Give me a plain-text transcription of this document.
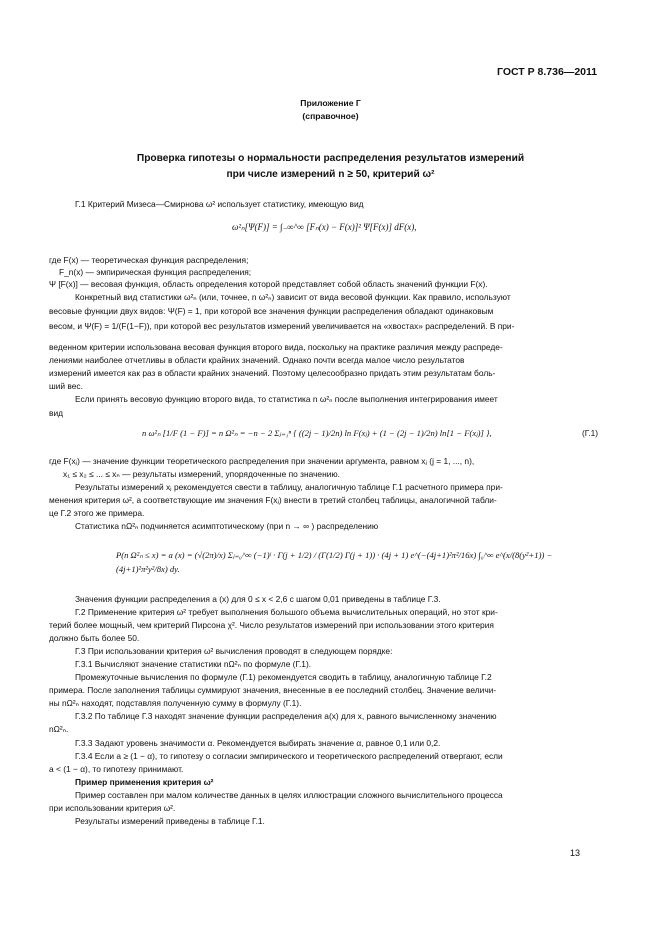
ГОСТ Р 8.736—2011
Приложение Г
(справочное)
Проверка гипотезы о нормальности распределения результатов измерений
при числе измерений n ≥ 50, критерий ω²
Г.1 Критерий Мизеса—Смирнова ω² использует статистику, имеющую вид
ω²ₙ[Ψ(F)] = ∫₋∞^∞ [Fₙ(x) − F(x)]² Ψ[F(x)] dF(x),
где F(x) — теоретическая функция распределения;
F_n(x) — эмпирическая функция распределения;
Ψ [F(x)] — весовая функция, область определения которой представляет собой область значений функции F(x).
Конкретный вид статистики ω²ₙ (или, точнее, n ω²ₙ) зависит от вида весовой функции. Как правило, используют
весовые функции двух видов: Ψ(F) = 1, при которой все значения функции распределения обладают одинаковым
весом, и Ψ(F) = 1/(F(1−F)), при которой вес результатов измерений увеличивается на «хвостах» распределений. В при-
веденном критерии использована весовая функция второго вида, поскольку на практике различия между распреде-
лениями наиболее отчетливы в области крайних значений. Однако почти всегда малое число результатов
измерений имеется как раз в области крайних значений. Поэтому целесообразно придать этим результатам боль-
ший вес.
Если принять весовую функцию второго вида, то статистика n ω²ₙ после выполнения интегрирования имеет
вид
n ω²ₙ [1/F (1 − F)] = n Ω²ₙ = −n − 2 Σⱼ₌₁ⁿ { ((2j − 1)/2n) ln F(xⱼ) + (1 − (2j − 1)/2n) ln[1 − F(xⱼ)] },	(Г.1)
где F(xⱼ) — значение функции теоретического распределения при значении аргумента, равном xⱼ (j = 1, ..., n),
x₁ ≤ x₂ ≤ ... ≤ xₙ — результаты измерений, упорядоченные по значению.
Результаты измерений xⱼ рекомендуется свести в таблицу, аналогичную таблице Г.1 расчетного примера при-
менения критерия ω², а соответствующие им значения F(xⱼ) внести в третий столбец таблицы, аналогичной табли-
це Г.2 этого же примера.
Статистика nΩ²ₙ подчиняется асимптотическому (при n → ∞ ) распределению
P(n Ω²ₙ ≤ x) = a (x) = (√(2π)/x) Σⱼ₌₀^∞ (−1)ʲ · Γ(j + 1/2) / (Γ(1/2) Γ(j + 1)) · (4j + 1) e^(−(4j+1)²π²/16x) ∫₀^∞ e^(x/(8(y²+1)) − (4j+1)²π²y²/8x) dy.
Значения функции распределения a (x) для 0 ≤ x < 2,6 с шагом 0,01 приведены в таблице Г.3.
Г.2 Применение критерия ω² требует выполнения большого объема вычислительных операций, но этот кри-
терий более мощный, чем критерий Пирсона χ². Число результатов измерений при использовании этого критерия
должно быть более 50.
Г.3 При использовании критерия ω² вычисления проводят в следующем порядке:
Г.3.1 Вычисляют значение статистики nΩ²ₙ по формуле (Г.1).
Промежуточные вычисления по формуле (Г.1) рекомендуется сводить в таблицу, аналогичную таблице Г.2
примера. После заполнения таблицы суммируют значения, внесенные в ее последний столбец. Значение величи-
ны nΩ²ₙ находят, подставляя полученную сумму в формулу (Г.1).
Г.3.2 По таблице Г.3 находят значение функции распределения a(x) для x, равного вычисленному значению
nΩ²ₙ.
Г.3.3 Задают уровень значимости α. Рекомендуется выбирать значение α, равное 0,1 или 0,2.
Г.3.4 Если a ≥ (1 − α), то гипотезу о согласии эмпирического и теоретического распределений отвергают, если
a < (1 − α), то гипотезу принимают.
Пример применения критерия ω²
Пример составлен при малом количестве данных в целях иллюстрации сложного вычислительного процесса
при использовании критерия ω².
Результаты измерений приведены в таблице Г.1.
13
